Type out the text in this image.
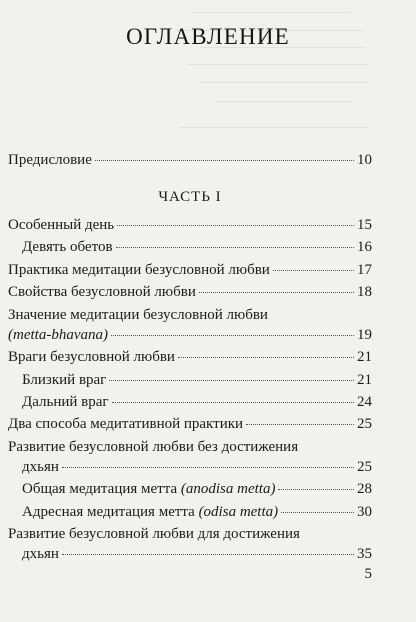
ОГЛАВЛЕНИЕ
Предисловие	10
ЧАСТЬ I
Особенный день	15
Девять обетов	16
Практика медитации безусловной любви	17
Свойства безусловной любви	18
Значение медитации безусловной любви
(metta-bhavana)	19
Враги безусловной любви	21
Близкий враг	21
Дальний враг	24
Два способа медитативной практики	25
Развитие безусловной любви без достижения
дхьян	25
Общая медитация метта (anodisa metta)	28
Адресная медитация метта (odisa metta)	30
Развитие безусловной любви для достижения
дхьян	35
5
